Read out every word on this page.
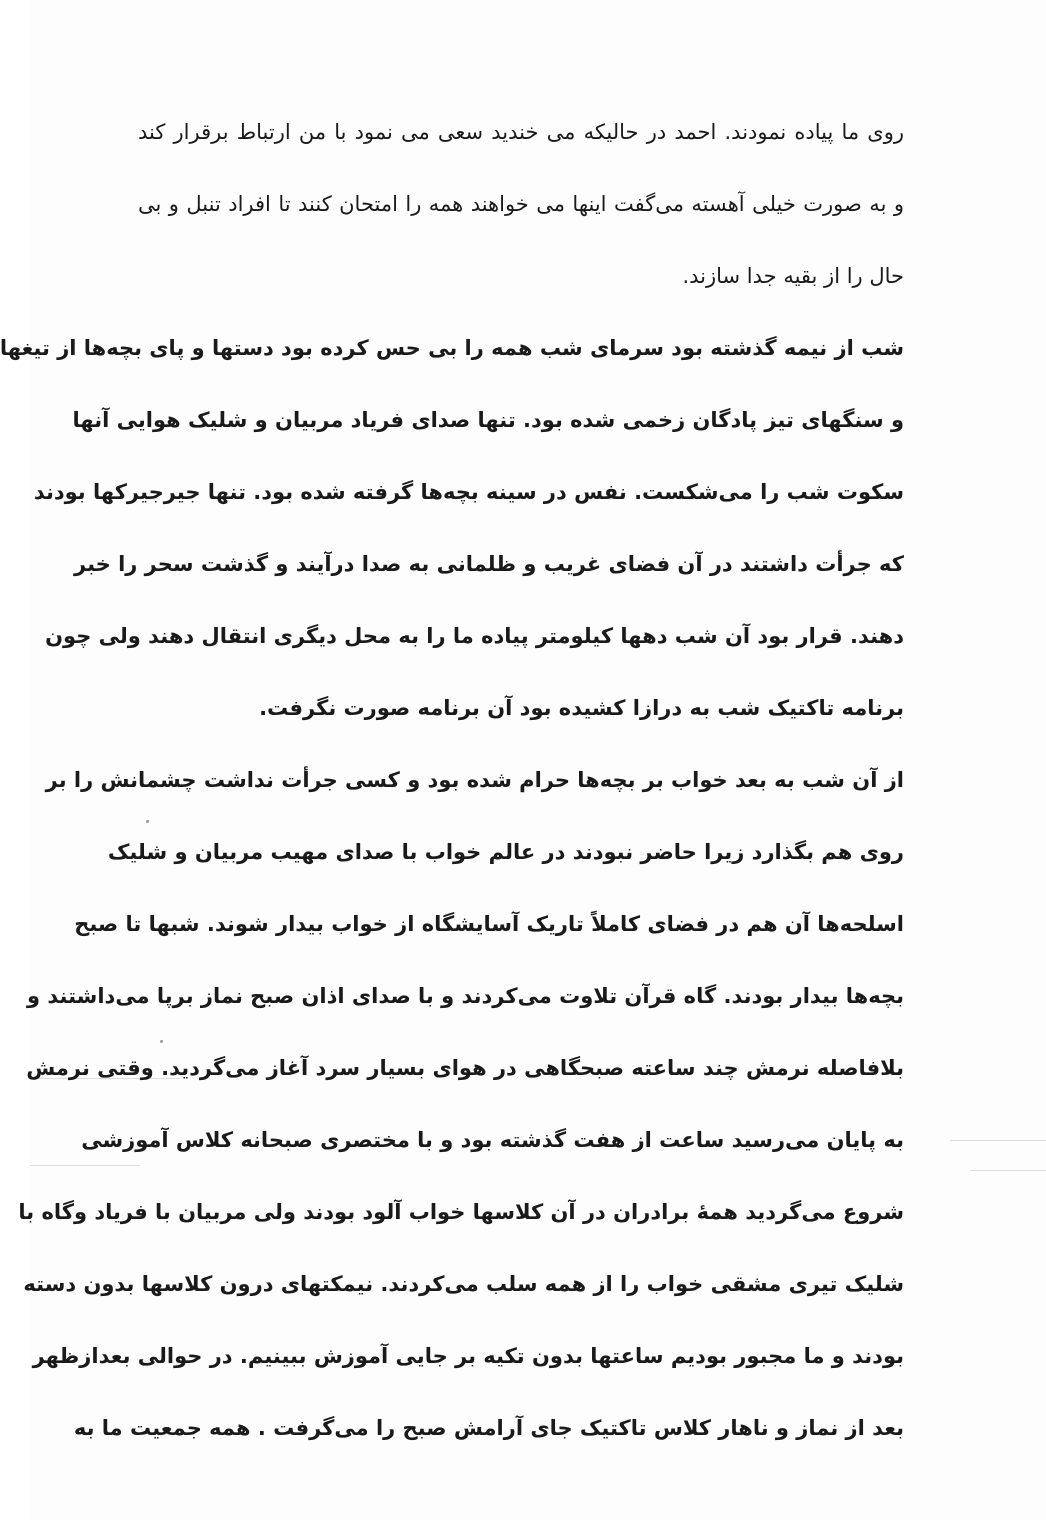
روی ما پیاده نمودند. احمد در حالیکه می خندید سعی می نمود با من ارتباط برقرار کند
و به صورت خیلی آهسته می‌گفت اینها می خواهند همه را امتحان کنند تا افراد تنبل و بی
حال را از بقیه جدا سازند.
شب از نیمه گذشته بود سرمای شب همه را بی حس کرده بود دستها و پای بچه‌ها از تیغها
و سنگهای تیز پادگان زخمی شده بود. تنها صدای فریاد مربیان و شلیک هوایی آنها
سکوت شب را می‌شکست. نفس در سینه بچه‌ها گرفته شده بود. تنها جیرجیرکها بودند
که جرأت داشتند در آن فضای غریب و ظلمانی به صدا درآیند و گذشت سحر را خبر
دهند. قرار بود آن شب دهها کیلومتر پیاده ما را به محل دیگری انتقال دهند ولی چون
برنامه تاکتیک شب به درازا کشیده بود آن برنامه صورت نگرفت.
از آن شب به بعد خواب بر بچه‌ها حرام شده بود و کسی جرأت نداشت چشمانش را بر
روی هم بگذارد زیرا حاضر نبودند در عالم خواب با صدای مهیب مربیان و شلیک
اسلحه‌ها آن هم در فضای کاملاً تاریک آسایشگاه از خواب بیدار شوند. شبها تا صبح
بچه‌ها بیدار بودند. گاه قرآن تلاوت می‌کردند و با صدای اذان صبح نماز برپا می‌داشتند و
بلافاصله نرمش چند ساعته صبحگاهی در هوای بسیار سرد آغاز می‌گردید. وقتی نرمش
به پایان می‌رسید ساعت از هفت گذشته بود و با مختصری صبحانه کلاس آموزشی
شروع می‌گردید همهٔ برادران در آن کلاسها خواب آلود بودند ولی مربیان با فریاد وگاه با
شلیک تیری مشقی خواب را از همه سلب می‌کردند. نیمکتهای درون کلاسها بدون دسته
بودند و ما مجبور بودیم ساعتها بدون تکیه بر جایی آموزش ببینیم. در حوالی بعدازظهر
بعد از نماز و ناهار کلاس تاکتیک جای آرامش صبح را می‌گرفت . همه جمعیت ما به
